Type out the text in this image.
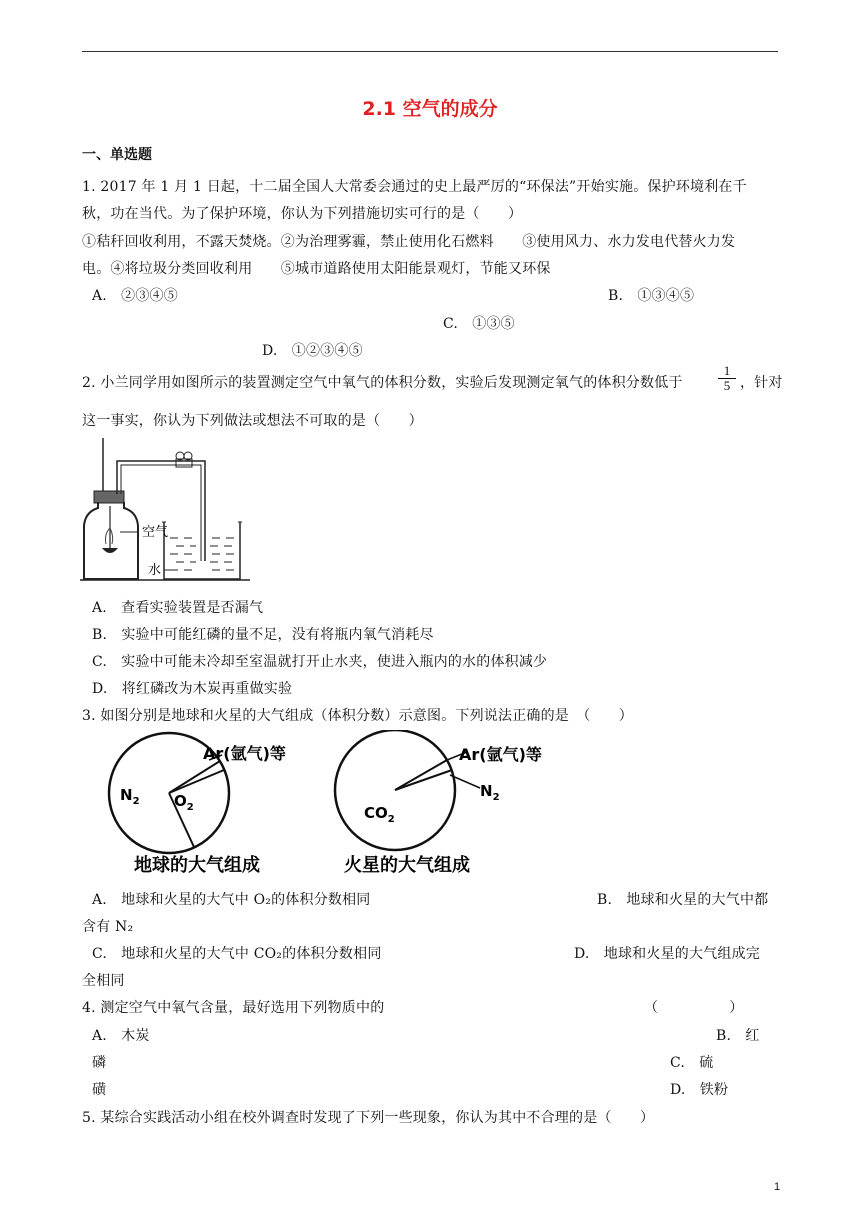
2.1 空气的成分
一、单选题
1. 2017 年 1 月 1 日起，十二届全国人大常委会通过的史上最严厉的“环保法”开始实施。保护环境利在千
秋，功在当代。为了保护环境，你认为下列措施切实可行的是（　　）
①秸秆回收利用，不露天焚烧。②为治理雾霾，禁止使用化石燃料　　③使用风力、水力发电代替火力发
电。④将垃圾分类回收利用　　⑤城市道路使用太阳能景观灯，节能又环保
A.　②③④⑤	B.　①③④⑤
C.　①③⑤
D.　①②③④⑤
2. 小兰同学用如图所示的装置测定空气中氧气的体积分数，实验后发现测定氧气的体积分数低于	$\frac{1}{5}$ ，针对
这一事实，你认为下列做法或想法不可取的是（　　）
空气
水
A.　查看实验装置是否漏气
B.　实验中可能红磷的量不足，没有将瓶内氧气消耗尽
C.　实验中可能未冷却至室温就打开止水夹，使进入瓶内的水的体积减少
D.　将红磷改为木炭再重做实验
3. 如图分别是地球和火星的大气组成（体积分数）示意图。下列说法正确的是　（　　）
$N_2$ $O_2$
Ar(氩气)等
地球的大气组成
$CO_2$
$N_2$
Ar(氩气)等
火星的大气组成
A.　地球和火星的大气中 O₂的体积分数相同	B.　地球和火星的大气中都
含有 N₂
C.　地球和火星的大气中 CO₂的体积分数相同	D.　地球和火星的大气组成完
全相同
4. 测定空气中氧气含量，最好选用下列物质中的	（　　　　　）
A.　木炭	B.　红
磷	C.　硫
磺	D.　铁粉
5. 某综合实践活动小组在校外调查时发现了下列一些现象，你认为其中不合理的是（　　）
1
